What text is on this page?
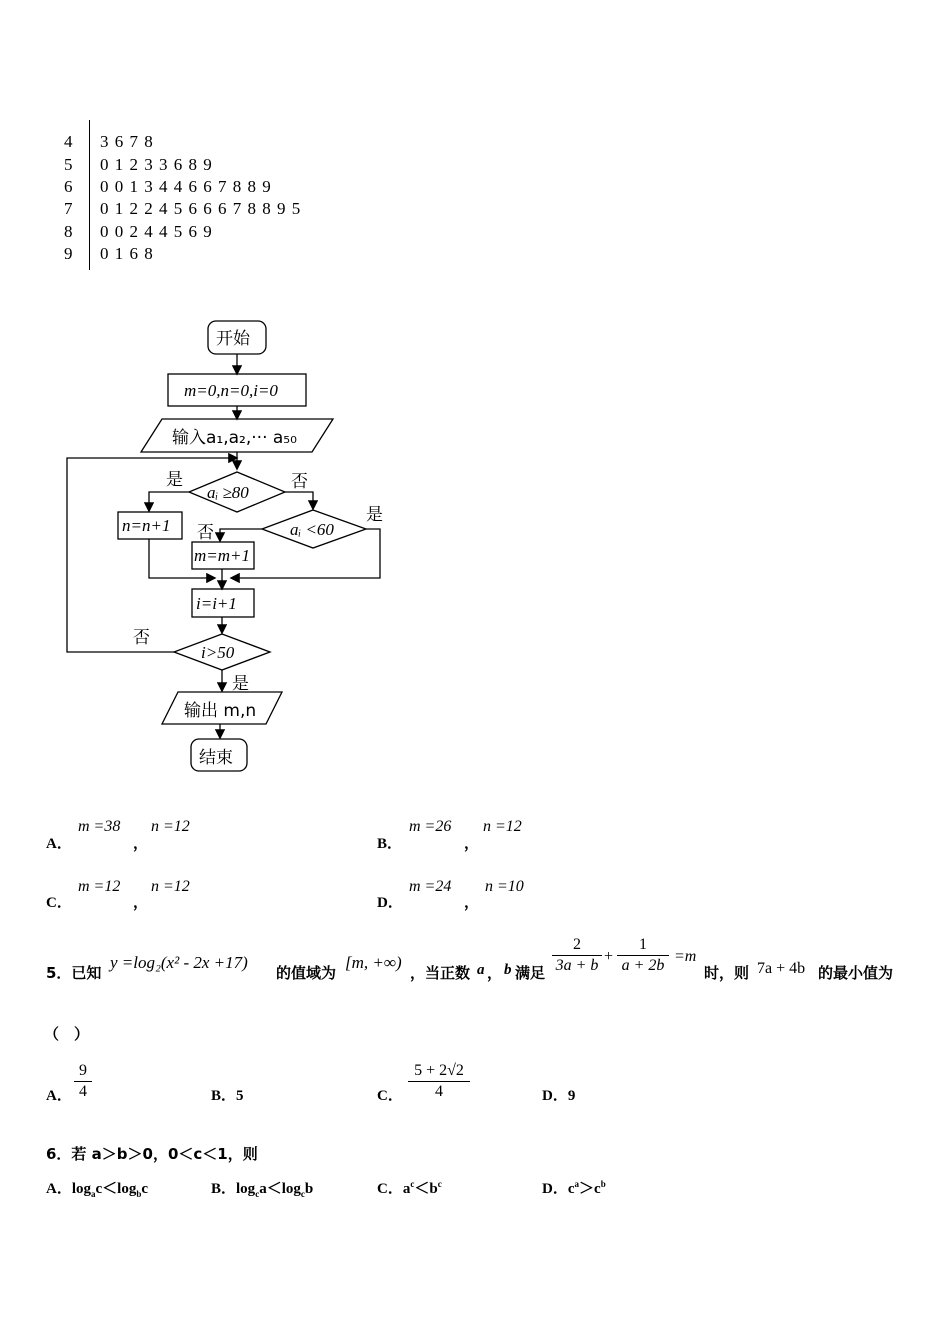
4	3 6 7 8
5	0 1 2 3 3 6 8 9
6	0 0 1 3 4 4 6 6 7 8 8 9
7	0 1 2 2 4 5 6 6 6 7 8 8 9 5
8	0 0 2 4 4 5 6 9
9	0 1 6 8
开始
m=0,n=0,i=0
输入a₁,a₂,··· a₅₀
aᵢ ≥80
aᵢ <60
n=n+1
m=m+1
i=i+1
i>50
输出 m,n
结束
是	否
是
否
否
是
A．
m =38
，
n =12
B．
m =26
，
n =12
C．
m =12
，
n =12
D．
m =24
，
n =10
5．已知
y =log₂(x² - 2x +17)
的值域为
[m, +∞)
，当正数 a ， b 满足
2
3a + b
+
1
a + 2b
=m
时，则 7a + 4b 的最小值为
（　）
A．
9
4	B．5	C．
5 + 2√2
4	D．9
6．若 a＞b＞0，0＜c＜1，则
A．$\log_ac<\log_bc$	B．$\log_ca<\log_cb$	C．$a^c<b^c$	D．$c^a>c^b$
